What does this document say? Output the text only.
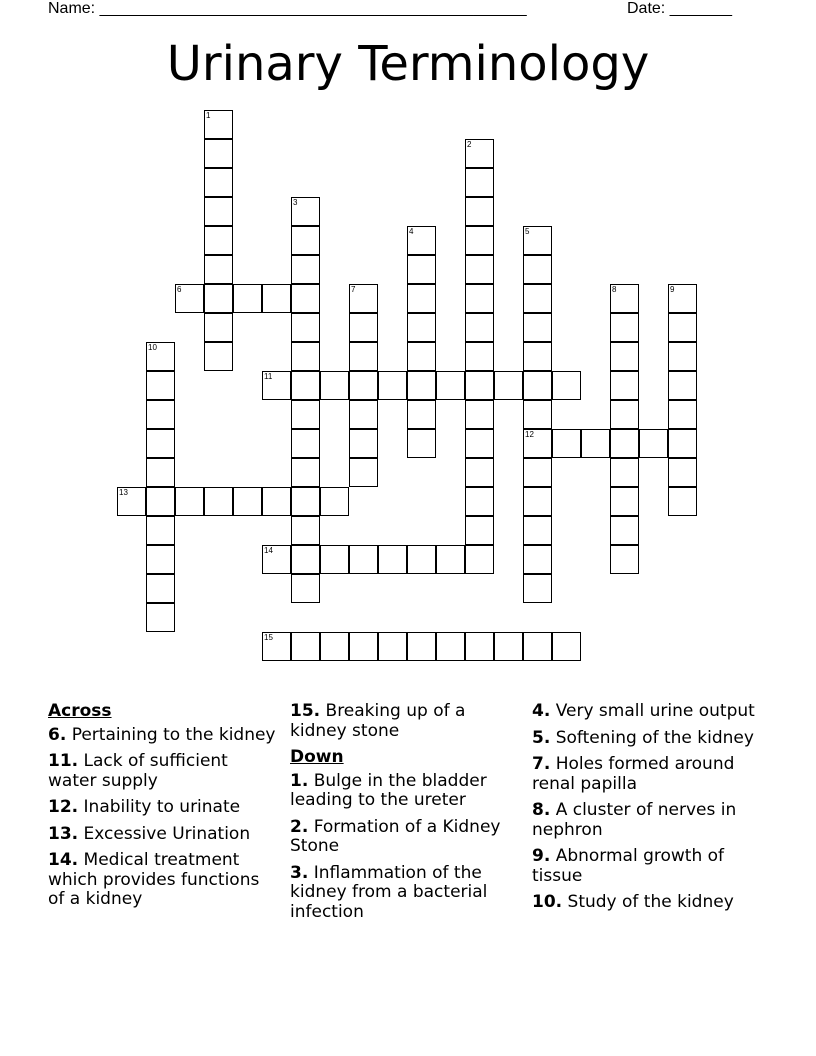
Name: ________________________________________________	Date: _______
Urinary Terminology
1
2
3
4	5
12
6	7	8	9
10
11
13
14
15
Across
6. Pertaining to the kidney
11. Lack of sufficient water supply
12. Inability to urinate
13. Excessive Urination
14. Medical treatment which provides functions of a kidney
15. Breaking up of a kidney stone
Down
1. Bulge in the bladder leading to the ureter
2. Formation of a Kidney Stone
3. Inflammation of the kidney from a bacterial infection
4. Very small urine output
5. Softening of the kidney
7. Holes formed around renal papilla
8. A cluster of nerves in nephron
9. Abnormal growth of tissue
10. Study of the kidney
